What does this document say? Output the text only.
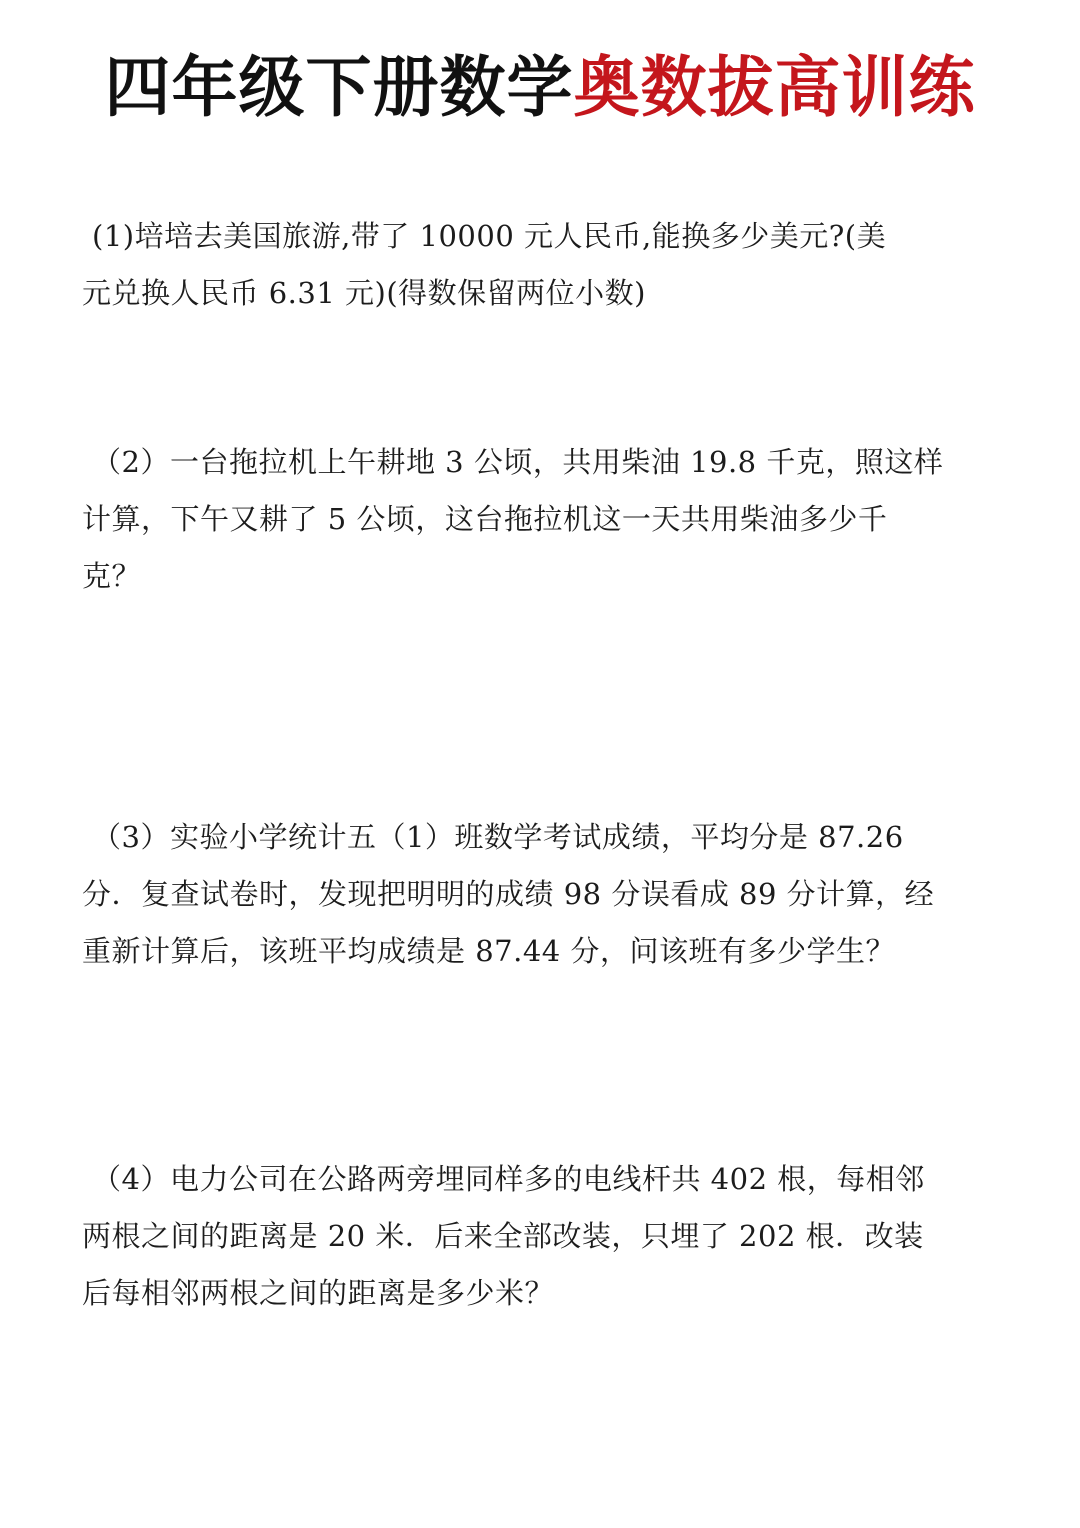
四年级下册数学奥数拔高训练

(1)培培去美国旅游,带了 10000 元人民币,能换多少美元?(美

元兑换人民币 6.31 元)(得数保留两位小数)

（2）一台拖拉机上午耕地 3 公顷，共用柴油 19.8 千克，照这样

计算，下午又耕了 5 公顷，这台拖拉机这一天共用柴油多少千

克？

（3）实验小学统计五（1）班数学考试成绩，平均分是 87.26

分．复查试卷时，发现把明明的成绩 98 分误看成 89 分计算，经

重新计算后，该班平均成绩是 87.44 分，问该班有多少学生？

（4）电力公司在公路两旁埋同样多的电线杆共 402 根，每相邻

两根之间的距离是 20 米．后来全部改装，只埋了 202 根．改装

后每相邻两根之间的距离是多少米？
